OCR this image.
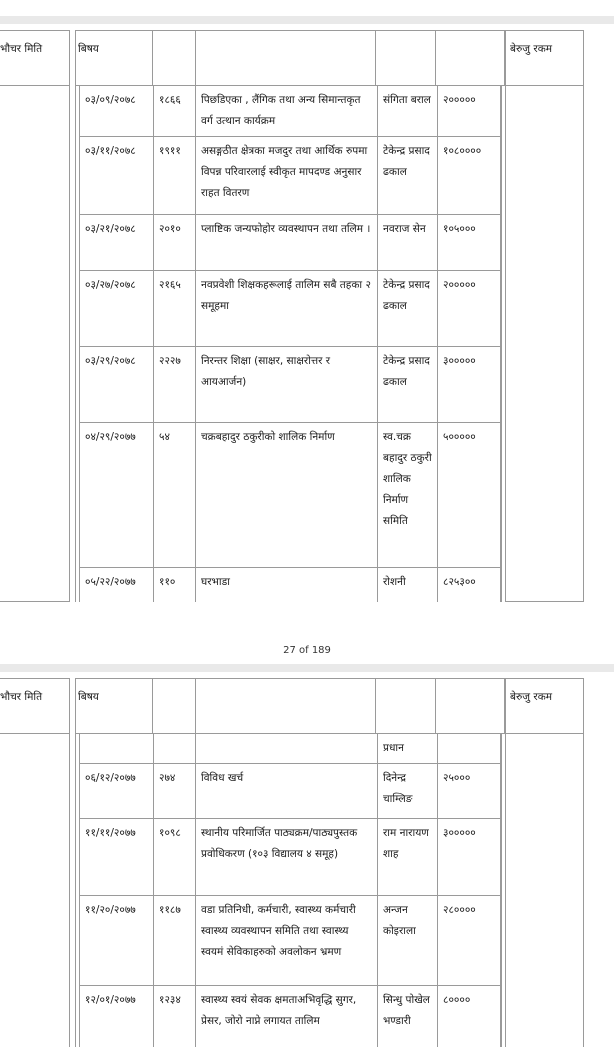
भौचर मिति	बिषय	बेरुजु रकम
०३/०९/२०७८	१८६६	पिछडिएका , लैंगिक तथा अन्य सिमान्तकृत वर्ग उत्थान कार्यक्रम	संगिता बराल	२०००००
०३/११/२०७८	१९११	असङ्गठीत क्षेत्रका मजदुर तथा आर्थिक रुपमा विपन्न परिवारलाई स्वीकृत मापदण्ड अनुसार राहत वितरण	टेकेन्द्र प्रसाद ढकाल	१०८००००
०३/२१/२०७८	२०१०	प्लाष्टिक जन्यफोहोर व्यवस्थापन तथा तलिम ।	नवराज सेन	१०५०००
०३/२७/२०७८	२१६५	नवप्रवेशी शिक्षकहरूलाई तालिम सबै तहका २ समूहमा	टेकेन्द्र प्रसाद ढकाल	२०००००
०३/२९/२०७८	२२२७	निरन्तर शिक्षा (साक्षर, साक्षरोत्तर र आयआर्जन)	टेकेन्द्र प्रसाद ढकाल	३०००००
०४/२९/२०७७	५४	चक्रबहादुर ठकुरीको शालिक निर्माण	स्व.चक्र बहादुर ठकुरी शालिक निर्माण समिति	५०००००
०५/२२/२०७७	११०	घरभाडा	रोशनी	८२५३००
27 of 189
भौचर मिति	बिषय	बेरुजु रकम
			प्रधान	
०६/१२/२०७७	२७४	विविध खर्च	दिनेन्द्र चाम्लिङ	२५०००
११/११/२०७७	१०९८	स्थानीय परिमार्जित पाठ्यक्रम/पाठ्यपुस्तक प्रवोधिकरण (१०३ विद्यालय ४ समूह)	राम नारायण शाह	३०००००
११/२०/२०७७	११८७	वडा प्रतिनिधी, कर्मचारी, स्वास्थ्य कर्मचारी स्वास्थ्य व्यवस्थापन समिति तथा स्वास्थ्य स्वयमं सेविकाहरुको अवलोकन भ्रमण	अन्जन कोइराला	२८००००
१२/०१/२०७७	१२३४	स्वास्थ्य स्वयं सेवक क्षमताअभिवृद्धि सुगर, प्रेसर, जोरो नाप्ने लगायत तालिम	सिन्धु पोखेल भण्डारी	८००००
